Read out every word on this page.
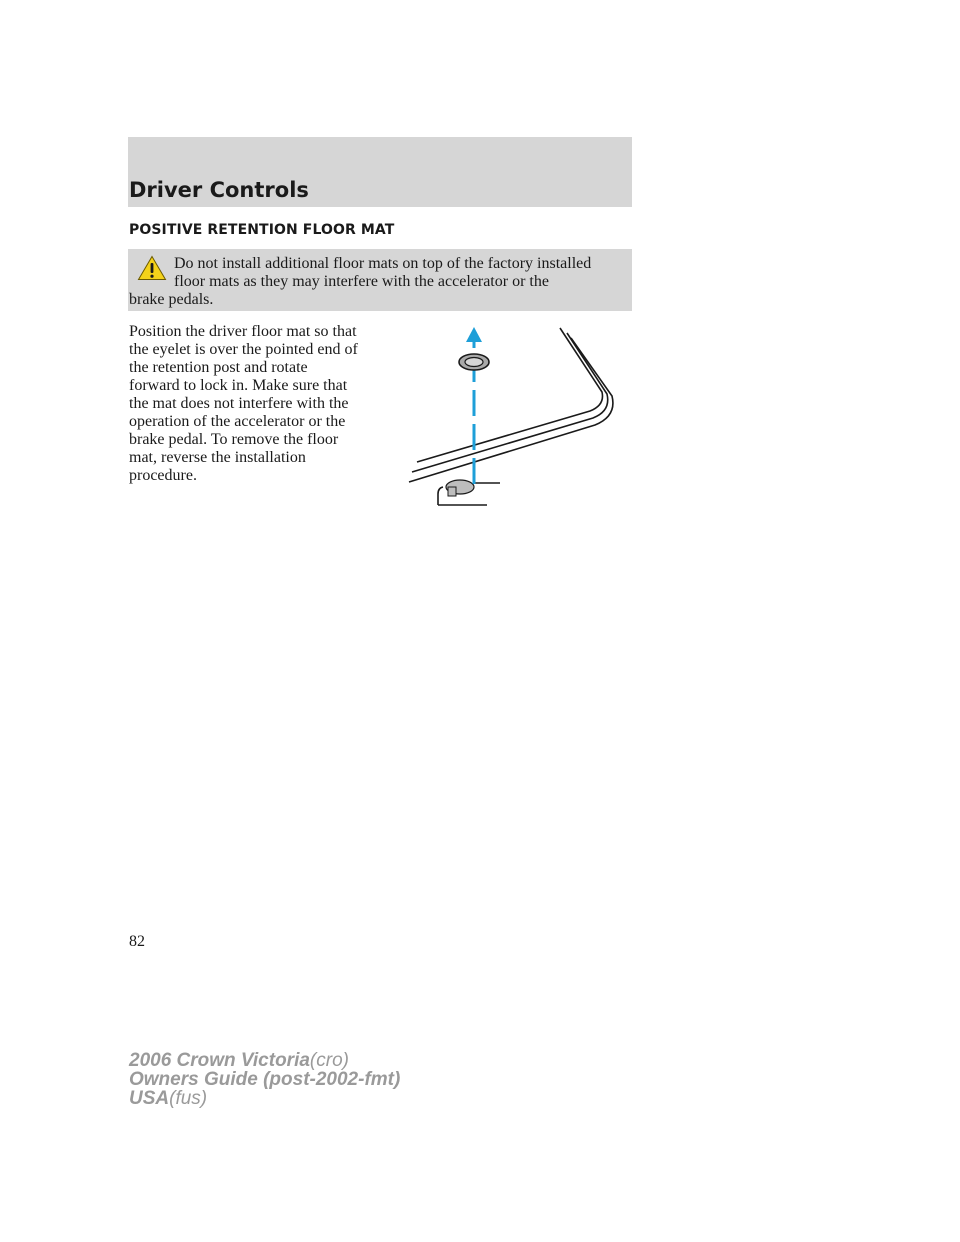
Driver Controls
POSITIVE RETENTION FLOOR MAT
Do not install additional floor mats on top of the factory installed
floor mats as they may interfere with the accelerator or the
brake pedals.
Position the driver floor mat so that
the eyelet is over the pointed end of
the retention post and rotate
forward to lock in. Make sure that
the mat does not interfere with the
operation of the accelerator or the
brake pedal. To remove the floor
mat, reverse the installation
procedure.
82
2006 Crown Victoria(cro)
Owners Guide (post-2002-fmt)
USA(fus)
